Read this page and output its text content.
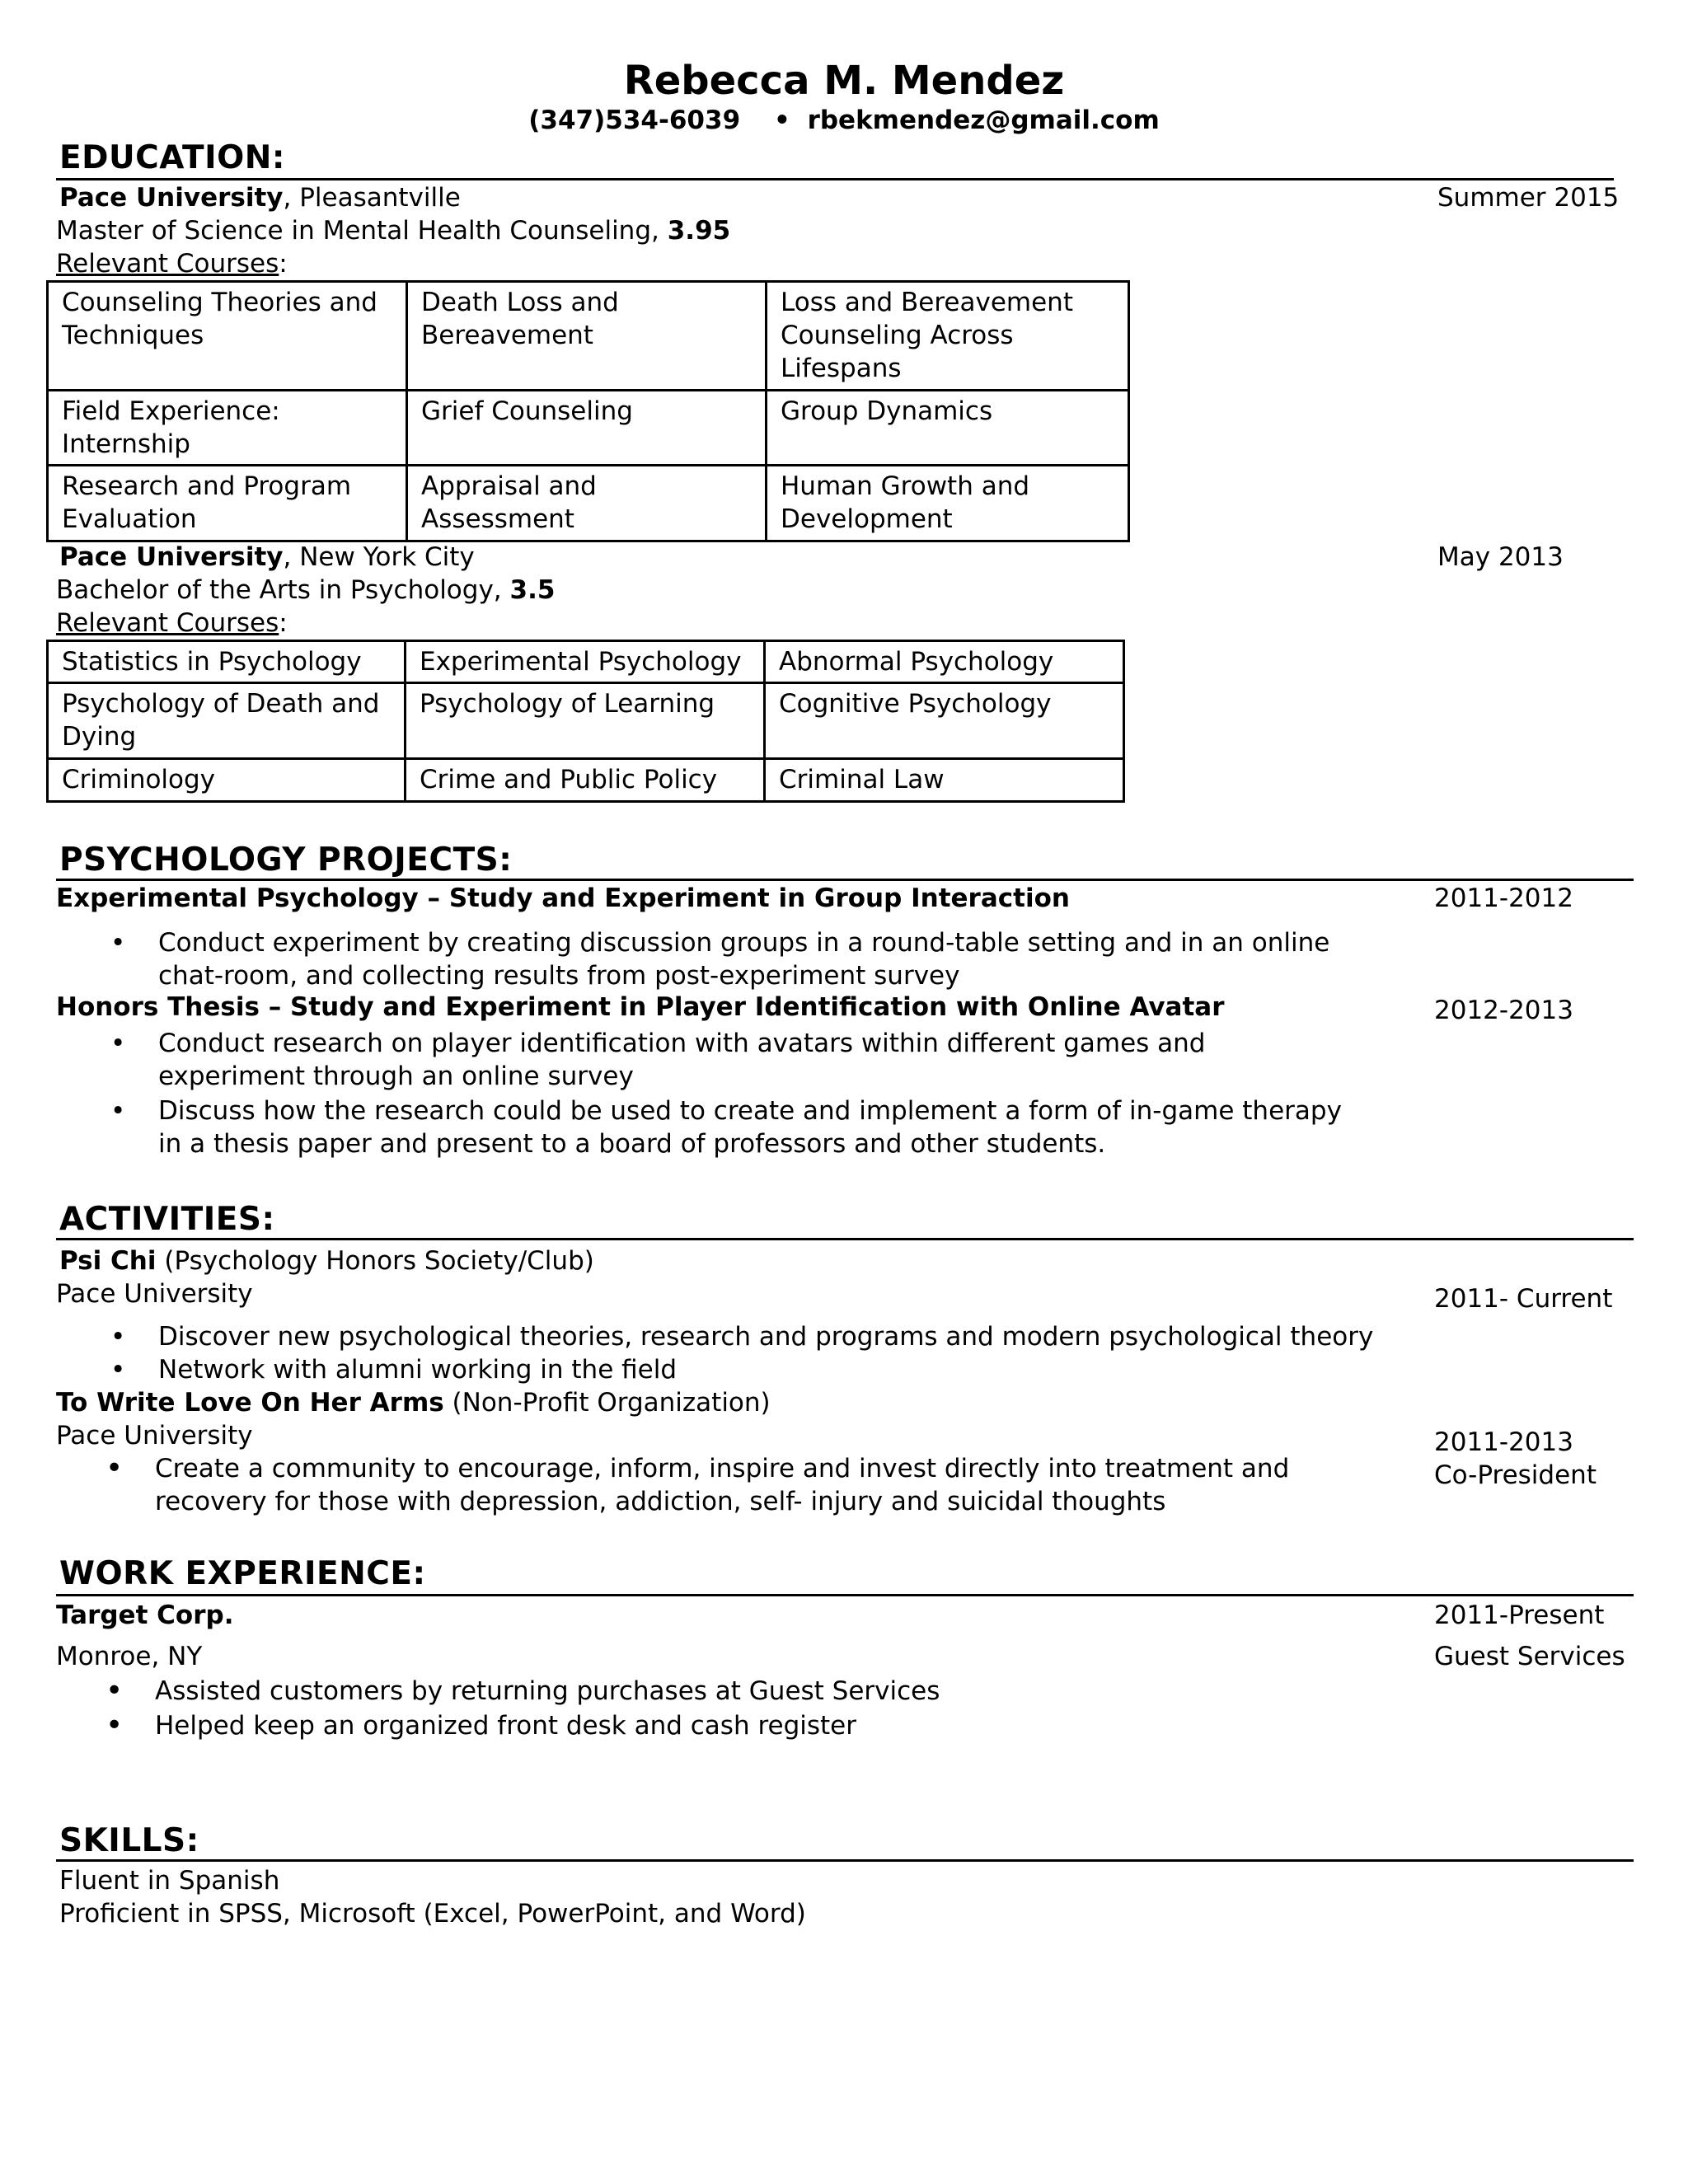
Rebecca M. Mendez
(347)534-6039 • rbekmendez@gmail.com
EDUCATION:
Pace University, Pleasantville	Summer 2015
Master of Science in Mental Health Counseling, 3.95
Relevant Courses:
Counseling Theories and Techniques	Death Loss and Bereavement	Loss and Bereavement Counseling Across Lifespans
Field Experience: Internship	Grief Counseling	Group Dynamics
Research and Program Evaluation	Appraisal and Assessment	Human Growth and Development
Pace University, New York City	May 2013
Bachelor of the Arts in Psychology, 3.5
Relevant Courses:
Statistics in Psychology	Experimental Psychology	Abnormal Psychology
Psychology of Death and Dying	Psychology of Learning	Cognitive Psychology
Criminology	Crime and Public Policy	Criminal Law
PSYCHOLOGY PROJECTS:
Experimental Psychology – Study and Experiment in Group Interaction	2011-2012
• Conduct experiment by creating discussion groups in a round-table setting and in an online
chat-room, and collecting results from post-experiment survey
Honors Thesis – Study and Experiment in Player Identification with Online Avatar	2012-2013
• Conduct research on player identification with avatars within different games and
experiment through an online survey
• Discuss how the research could be used to create and implement a form of in-game therapy
in a thesis paper and present to a board of professors and other students.
ACTIVITIES:
Psi Chi (Psychology Honors Society/Club)
Pace University	2011- Current
• Discover new psychological theories, research and programs and modern psychological theory
• Network with alumni working in the field
To Write Love On Her Arms (Non-Profit Organization)
Pace University	2011-2013
Co-President
• Create a community to encourage, inform, inspire and invest directly into treatment and
recovery for those with depression, addiction, self- injury and suicidal thoughts
WORK EXPERIENCE:
Target Corp.	2011-Present
Monroe, NY	Guest Services
• Assisted customers by returning purchases at Guest Services
• Helped keep an organized front desk and cash register
SKILLS:
Fluent in Spanish
Proficient in SPSS, Microsoft (Excel, PowerPoint, and Word)
